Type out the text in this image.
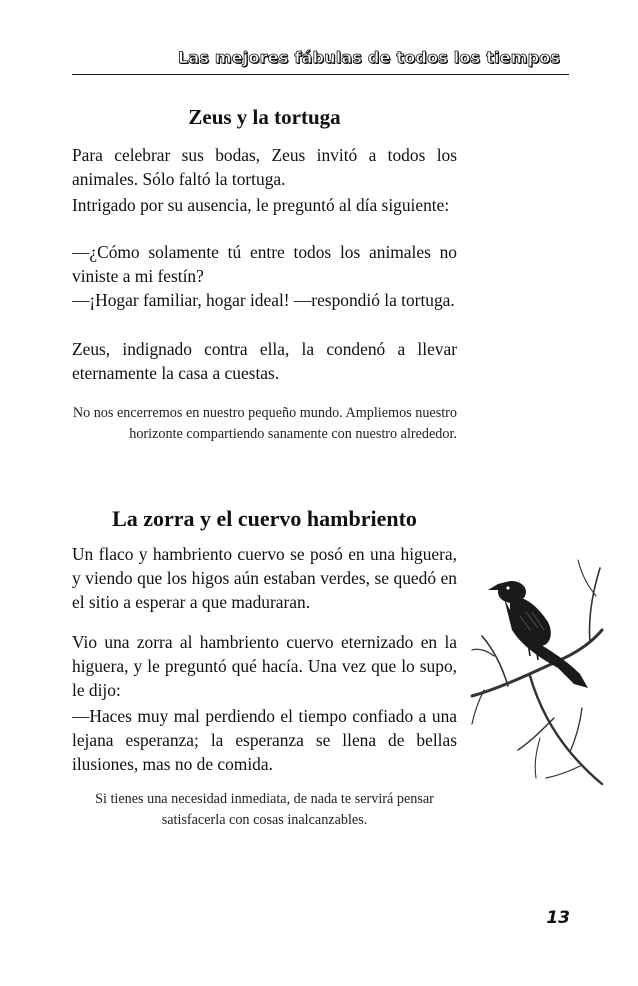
Las mejores fábulas de todos los tiempos
Zeus y la tortuga

Para celebrar sus bodas, Zeus invitó a todos los animales. Sólo faltó la tortuga.

Intrigado por su ausencia, le preguntó al día siguiente:

—¿Cómo solamente tú entre todos los animales no viniste a mi festín?

—¡Hogar familiar, hogar ideal! —respondió la tortuga.

Zeus, indignado contra ella, la condenó a llevar eternamente la casa a cuestas.

No nos encerremos en nuestro pequeño mundo. Ampliemos nuestro horizonte compartiendo sanamente con nuestro alrededor.

La zorra y el cuervo hambriento

Un flaco y hambriento cuervo se posó en una higuera, y viendo que los higos aún estaban verdes, se quedó en el sitio a esperar a que maduraran.

Vio una zorra al hambriento cuervo eternizado en la higuera, y le preguntó qué hacía. Una vez que lo supo, le dijo:

—Haces muy mal perdiendo el tiempo confiado a una lejana esperanza; la esperanza se llena de bellas ilusiones, mas no de comida.

Si tienes una necesidad inmediata, de nada te servirá pensar satisfacerla con cosas inalcanzables.

13
